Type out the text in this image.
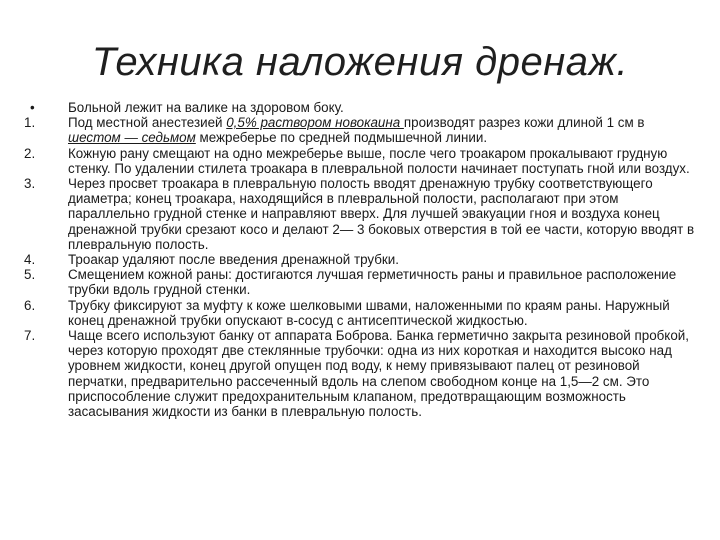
Техника наложения дренаж.
•	Больной лежит на валике на здоровом боку.
1.	Под местной анестезией 0,5% раствором новокаина производят разрез кожи длиной 1 см в шестом — седьмом межреберье по средней подмышечной линии.
2.	Кожную рану смещают на одно межреберье выше, после чего троакаром прокалывают грудную стенку. По удалении стилета троакара в плевральной полости начинает поступать гной или воздух.
3.	Через просвет троакара в плевральную полость вводят дренажную трубку соответствующего диаметра; конец троакара, находящийся в плевральной полости, располагают при этом параллельно грудной стенке и направляют вверх. Для лучшей эвакуации гноя и воздуха конец дренажной трубки срезают косо и делают 2— 3 боковых отверстия в той ее части, которую вводят в плевральную полость.
4.	Троакар удаляют после введения дренажной трубки.
5.	Смещением кожной раны: достигаются лучшая герметичность раны и правильное расположение трубки вдоль грудной стенки.
6.	Трубку фиксируют за муфту к коже шелковыми швами, наложенными по краям раны. Наружный конец дренажной трубки опускают в-сосуд с антисептической жидкостью.
7.	Чаще всего используют банку от аппарата Боброва. Банка герметично закрыта резиновой пробкой, через которую проходят две стеклянные трубочки: одна из них короткая и находится высоко над уровнем жидкости, конец другой опущен под воду, к нему привязывают палец от резиновой перчатки, предварительно рассеченный вдоль на слепом свободном конце на 1,5—2 см. Это приспособление служит предохранительным клапаном, предотвращающим возможность засасывания жидкости из банки в плевральную полость.
